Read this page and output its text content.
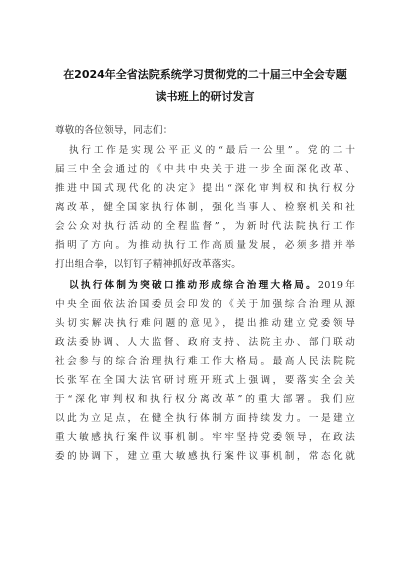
在2024年全省法院系统学习贯彻党的二十届三中全会专题
读书班上的研讨发言
尊敬的各位领导，同志们：
执行工作是实现公平正义的“最后一公里”。党的二十
届三中全会通过的《中共中央关于进一步全面深化改革、
推进中国式现代化的决定》提出“深化审判权和执行权分
离改革，健全国家执行体制，强化当事人、检察机关和社
会公众对执行活动的全程监督”，为新时代法院执行工作
指明了方向。为推动执行工作高质量发展，必须多措并举
打出组合拳，以钉钉子精神抓好改革落实。
以执行体制为突破口推动形成综合治理大格局。2019年
中央全面依法治国委员会印发的《关于加强综合治理从源
头切实解决执行难问题的意见》，提出推动建立党委领导
政法委协调、人大监督、政府支持、法院主办、部门联动
社会参与的综合治理执行难工作大格局。最高人民法院院
长张军在全国大法官研讨班开班式上强调，要落实全会关
于“深化审判权和执行权分离改革”的重大部署。我们应
以此为立足点，在健全执行体制方面持续发力。一是建立
重大敏感执行案件议事机制。牢牢坚持党委领导，在政法
委的协调下，建立重大敏感执行案件议事机制，常态化就
